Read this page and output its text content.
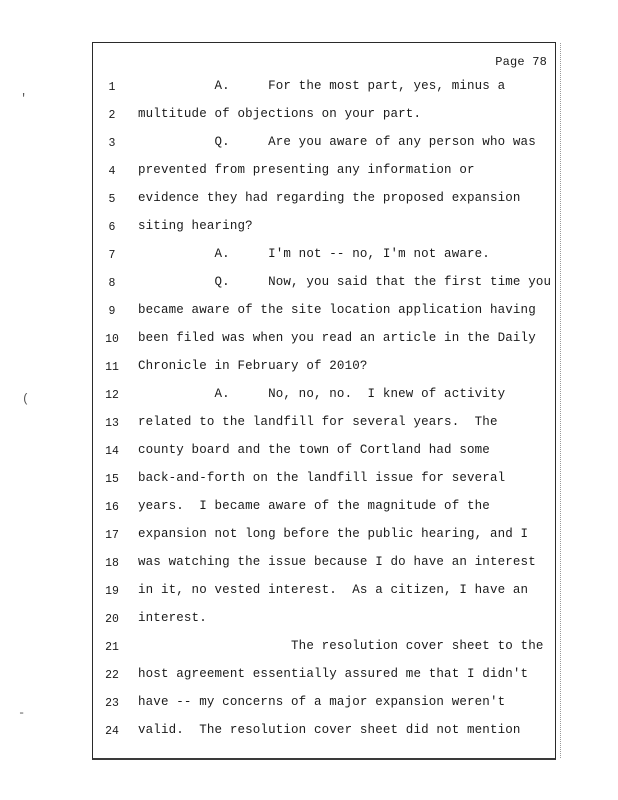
Page 78
1	A.     For the most part, yes, minus a
2	multitude of objections on your part.
3	Q.     Are you aware of any person who was
4	prevented from presenting any information or
5	evidence they had regarding the proposed expansion
6	siting hearing?
7	A.     I'm not -- no, I'm not aware.
8	Q.     Now, you said that the first time you
9	became aware of the site location application having
10	been filed was when you read an article in the Daily
11	Chronicle in February of 2010?
12	A.     No, no, no.  I knew of activity
13	related to the landfill for several years.  The
14	county board and the town of Cortland had some
15	back-and-forth on the landfill issue for several
16	years.  I became aware of the magnitude of the
17	expansion not long before the public hearing, and I
18	was watching the issue because I do have an interest
19	in it, no vested interest.  As a citizen, I have an
20	interest.
21	The resolution cover sheet to the
22	host agreement essentially assured me that I didn't
23	have -- my concerns of a major expansion weren't
24	valid.  The resolution cover sheet did not mention
′
(
‐
